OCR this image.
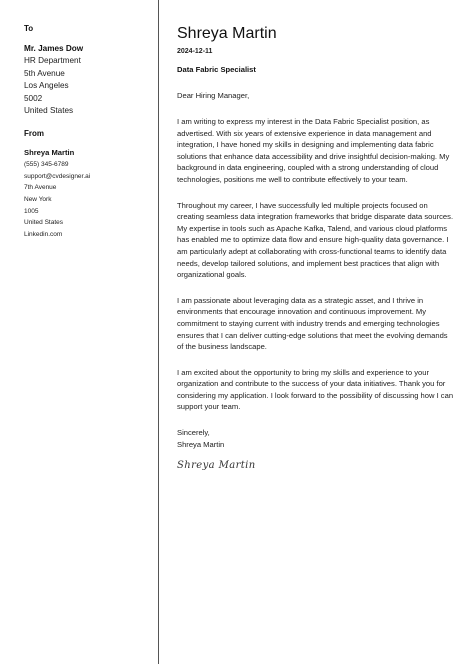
To
Mr. James Dow
HR Department
5th Avenue
Los Angeles
5002
United States
From
Shreya Martin
(555) 345-6789
support@cvdesigner.ai
7th Avenue
New York
1005
United States
Linkedin.com
Shreya Martin
2024-12-11
Data Fabric Specialist
Dear Hiring Manager,

I am writing to express my interest in the Data Fabric Specialist position, as advertised. With six years of extensive experience in data management and integration, I have honed my skills in designing and implementing data fabric solutions that enhance data accessibility and drive insightful decision-making. My background in data engineering, coupled with a strong understanding of cloud technologies, positions me well to contribute effectively to your team.

Throughout my career, I have successfully led multiple projects focused on creating seamless data integration frameworks that bridge disparate data sources. My expertise in tools such as Apache Kafka, Talend, and various cloud platforms has enabled me to optimize data flow and ensure high-quality data governance. I am particularly adept at collaborating with cross-functional teams to identify data needs, develop tailored solutions, and implement best practices that align with organizational goals.

I am passionate about leveraging data as a strategic asset, and I thrive in environments that encourage innovation and continuous improvement. My commitment to staying current with industry trends and emerging technologies ensures that I can deliver cutting-edge solutions that meet the evolving demands of the business landscape.

I am excited about the opportunity to bring my skills and experience to your organization and contribute to the success of your data initiatives. Thank you for considering my application. I look forward to the possibility of discussing how I can support your team.

Sincerely,
Shreya Martin
Shreya Martin
